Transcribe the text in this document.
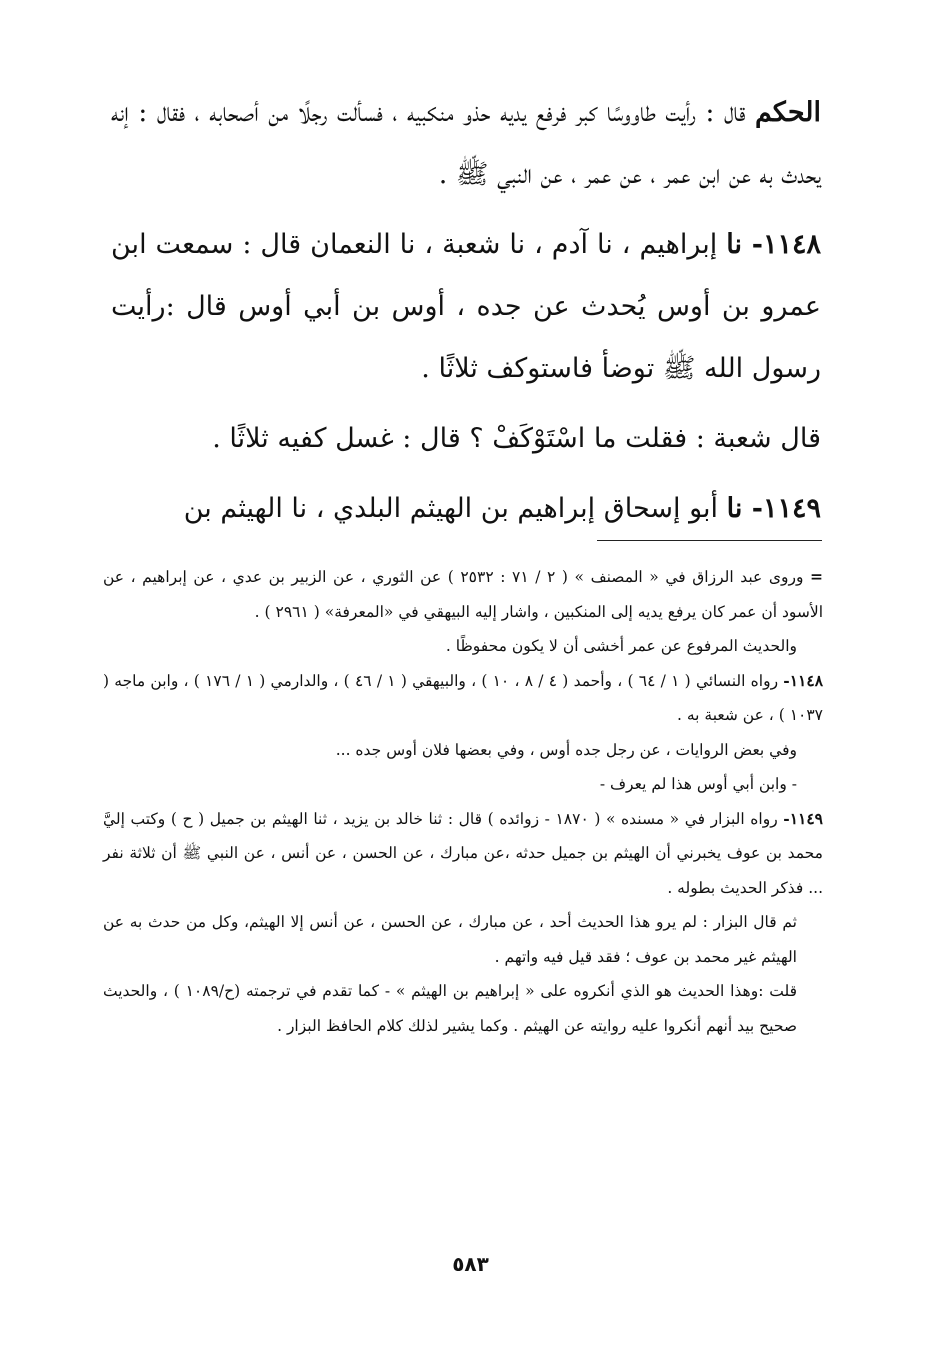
الحكم قال : رأيت طاووسًا كبر فرفع يديه حذو منكبيه ، فسألت رجلًا من أصحابه ، فقال : إنه يحدث به عن ابن عمر ، عن عمر ، عن النبي ﷺ .

١١٤٨- نا إبراهيم ، نا آدم ، نا شعبة ، نا النعمان قال : سمعت ابن عمرو بن أوس يُحدث عن جده ، أوس بن أبي أوس قال :رأيت رسول الله ﷺ توضأ فاستوكف ثلاثًا .

قال شعبة : فقلت ما اسْتَوْكَفْ ؟ قال : غسل كفيه ثلاثًا .

١١٤٩- نا أبو إسحاق إبراهيم بن الهيثم البلدي ، نا الهيثم بن

= وروى عبد الرزاق في « المصنف » ( ٢ / ٧١ : ٢٥٣٢ ) عن الثوري ، عن الزبير بن عدي ، عن إبراهيم ، عن الأسود أن عمر كان يرفع يديه إلى المنكبين ، واشار إليه البيهقي في «المعرفة» ( ٢٩٦١ ) .

والحديث المرفوع عن عمر أخشى أن لا يكون محفوظًا .

١١٤٨- رواه النسائي ( ١ / ٦٤ ) ، وأحمد ( ٤ / ٨ ، ١٠ ) ، والبيهقي ( ١ / ٤٦ ) ، والدارمي ( ١ / ١٧٦ ) ، وابن ماجه ( ١٠٣٧ ) ، عن شعبة به .

وفي بعض الروايات ، عن رجل جده أوس ، وفي بعضها فلان أوس جده ...

- وابن أبي أوس هذا لم يعرف -

١١٤٩- رواه البزار في « مسنده » ( ١٨٧٠ - زوائده ) قال : ثنا خالد بن يزيد ، ثنا الهيثم بن جميل ( ح ) وكتب إليَّ محمد بن عوف يخبرني أن الهيثم بن جميل حدثه ،عن مبارك ، عن الحسن ، عن أنس ، عن النبي ﷺ أن ثلاثة نفر ... فذكر الحديث بطوله .

ثم قال البزار : لم يرو هذا الحديث أحد ، عن مبارك ، عن الحسن ، عن أنس إلا الهيثم، وكل من حدث به عن الهيثم غير محمد بن عوف ؛ فقد قيل فيه واتهم .

قلت :وهذا الحديث هو الذي أنكروه على « إبراهيم بن الهيثم » - كما تقدم في ترجمته (ح/١٠٨٩ ) ، والحديث صحيح بيد أنهم أنكروا عليه روايته عن الهيثم . وكما يشير لذلك كلام الحافظ البزار .

٥٨٣
